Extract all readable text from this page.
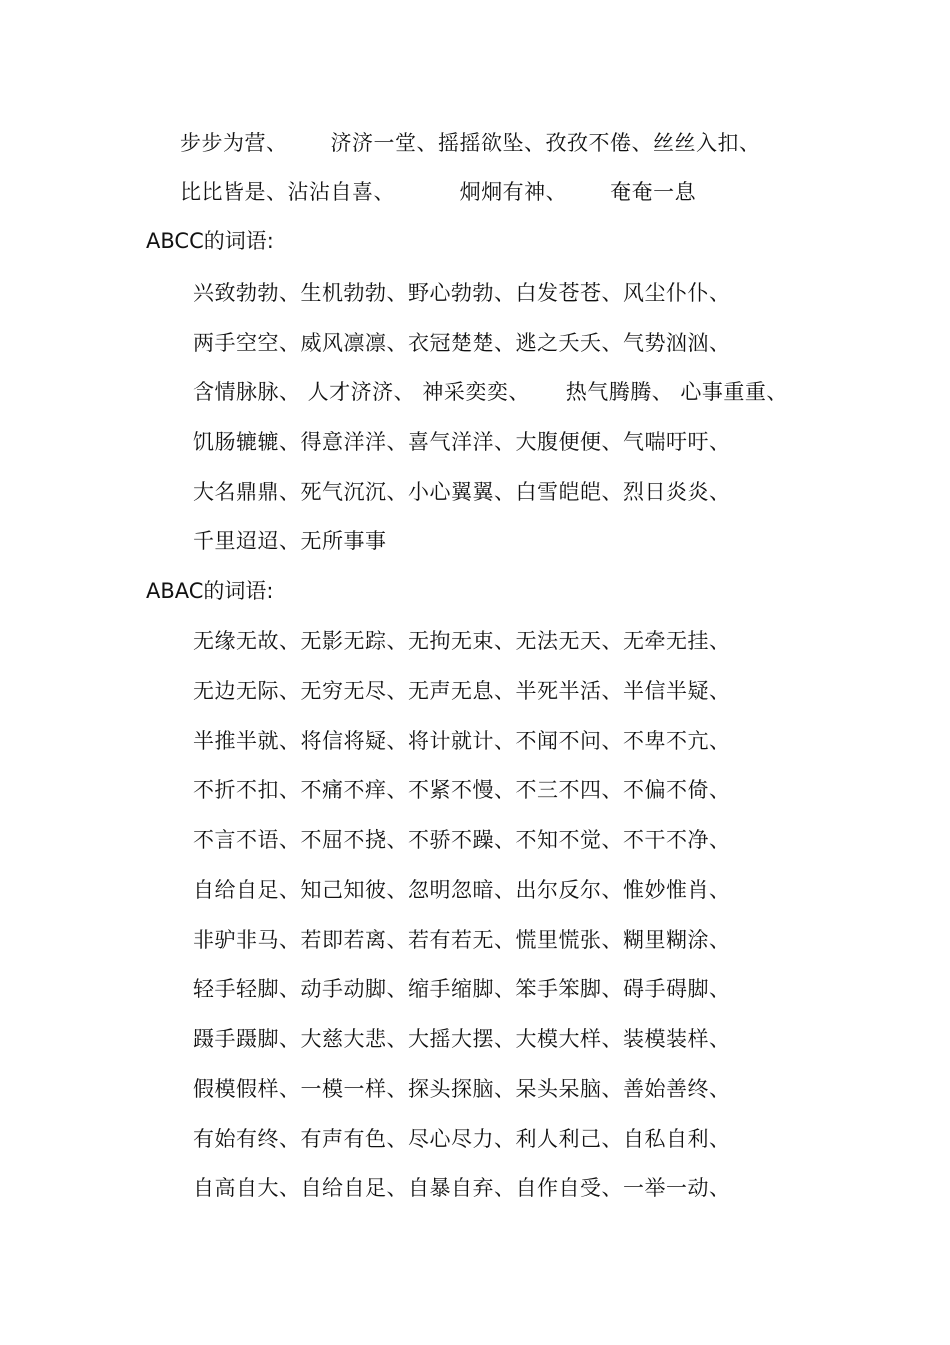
步步为营、      济济一堂、摇摇欲坠、孜孜不倦、丝丝入扣、
比比皆是、沾沾自喜、         炯炯有神、      奄奄一息
ABCC的词语:
兴致勃勃、生机勃勃、野心勃勃、白发苍苍、风尘仆仆、
两手空空、威风凛凛、衣冠楚楚、逃之夭夭、气势汹汹、
含情脉脉、 人才济济、 神采奕奕、     热气腾腾、 心事重重、
饥肠辘辘、得意洋洋、喜气洋洋、大腹便便、气喘吁吁、
大名鼎鼎、死气沉沉、小心翼翼、白雪皑皑、烈日炎炎、
千里迢迢、无所事事
ABAC的词语:
无缘无故、无影无踪、无拘无束、无法无天、无牵无挂、
无边无际、无穷无尽、无声无息、半死半活、半信半疑、
半推半就、将信将疑、将计就计、不闻不问、不卑不亢、
不折不扣、不痛不痒、不紧不慢、不三不四、不偏不倚、
不言不语、不屈不挠、不骄不躁、不知不觉、不干不净、
自给自足、知己知彼、忽明忽暗、出尔反尔、惟妙惟肖、
非驴非马、若即若离、若有若无、慌里慌张、糊里糊涂、
轻手轻脚、动手动脚、缩手缩脚、笨手笨脚、碍手碍脚、
蹑手蹑脚、大慈大悲、大摇大摆、大模大样、装模装样、
假模假样、一模一样、探头探脑、呆头呆脑、善始善终、
有始有终、有声有色、尽心尽力、利人利己、自私自利、
自高自大、自给自足、自暴自弃、自作自受、一举一动、
